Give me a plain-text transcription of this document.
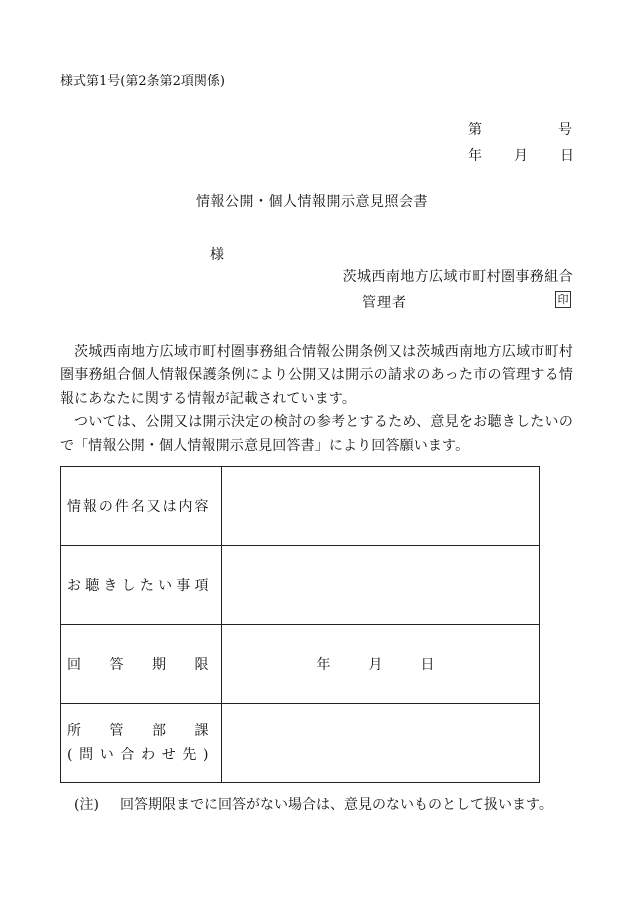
様式第1号(第2条第2項関係)
第	号
年 月 日
情報公開・個人情報開示意見照会書
様
茨城西南地方広域市町村圏事務組合
管理者	印

茨城西南地方広域市町村圏事務組合情報公開条例又は茨城西南地方広域市町村圏事務組合個人情報保護条例により公開又は開示の請求のあった市の管理する情報にあなたに関する情報が記載されています。

ついては、公開又は開示決定の検討の参考とするため、意見をお聴きしたいので「情報公開・個人情報開示意見回答書」により回答願います。

情報の件名又は内容	

お聴きしたい事項	

回答期限	年 月 日

所管部課
(問い合わせ先)	

(注) 回答期限までに回答がない場合は、意見のないものとして扱います。
